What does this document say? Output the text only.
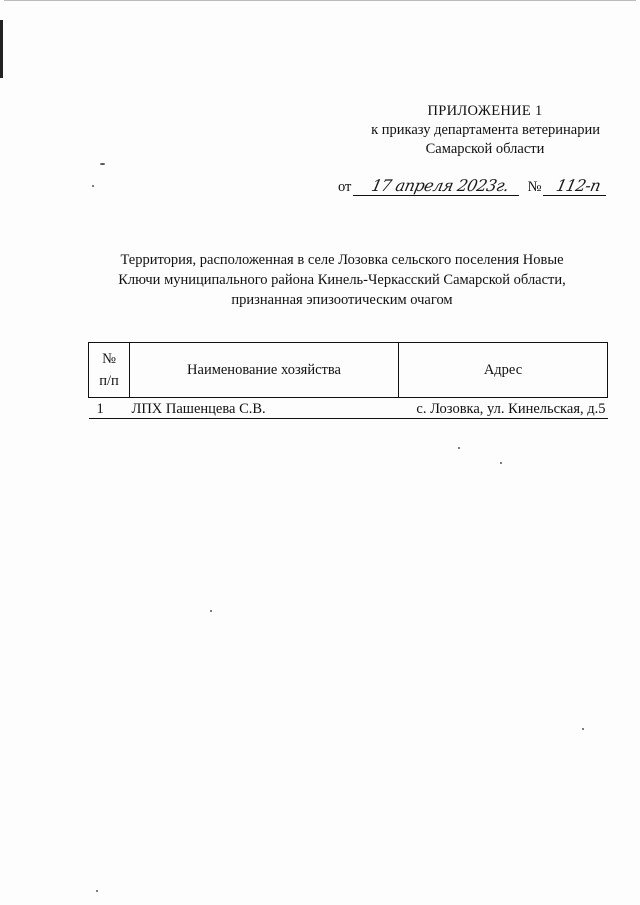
ПРИЛОЖЕНИЕ 1
к приказу департамента ветеринарии
Самарской области
от	17 апреля 2023г.	№ 112-п
Территория, расположенная в селе Лозовка сельского поселения Новые
Ключи муниципального района Кинель-Черкасский Самарской области,
признанная эпизоотическим очагом
№
п/п	Наименование хозяйства	Адрес
1	ЛПХ Пашенцева С.В.	с. Лозовка, ул. Кинельская, д.5
